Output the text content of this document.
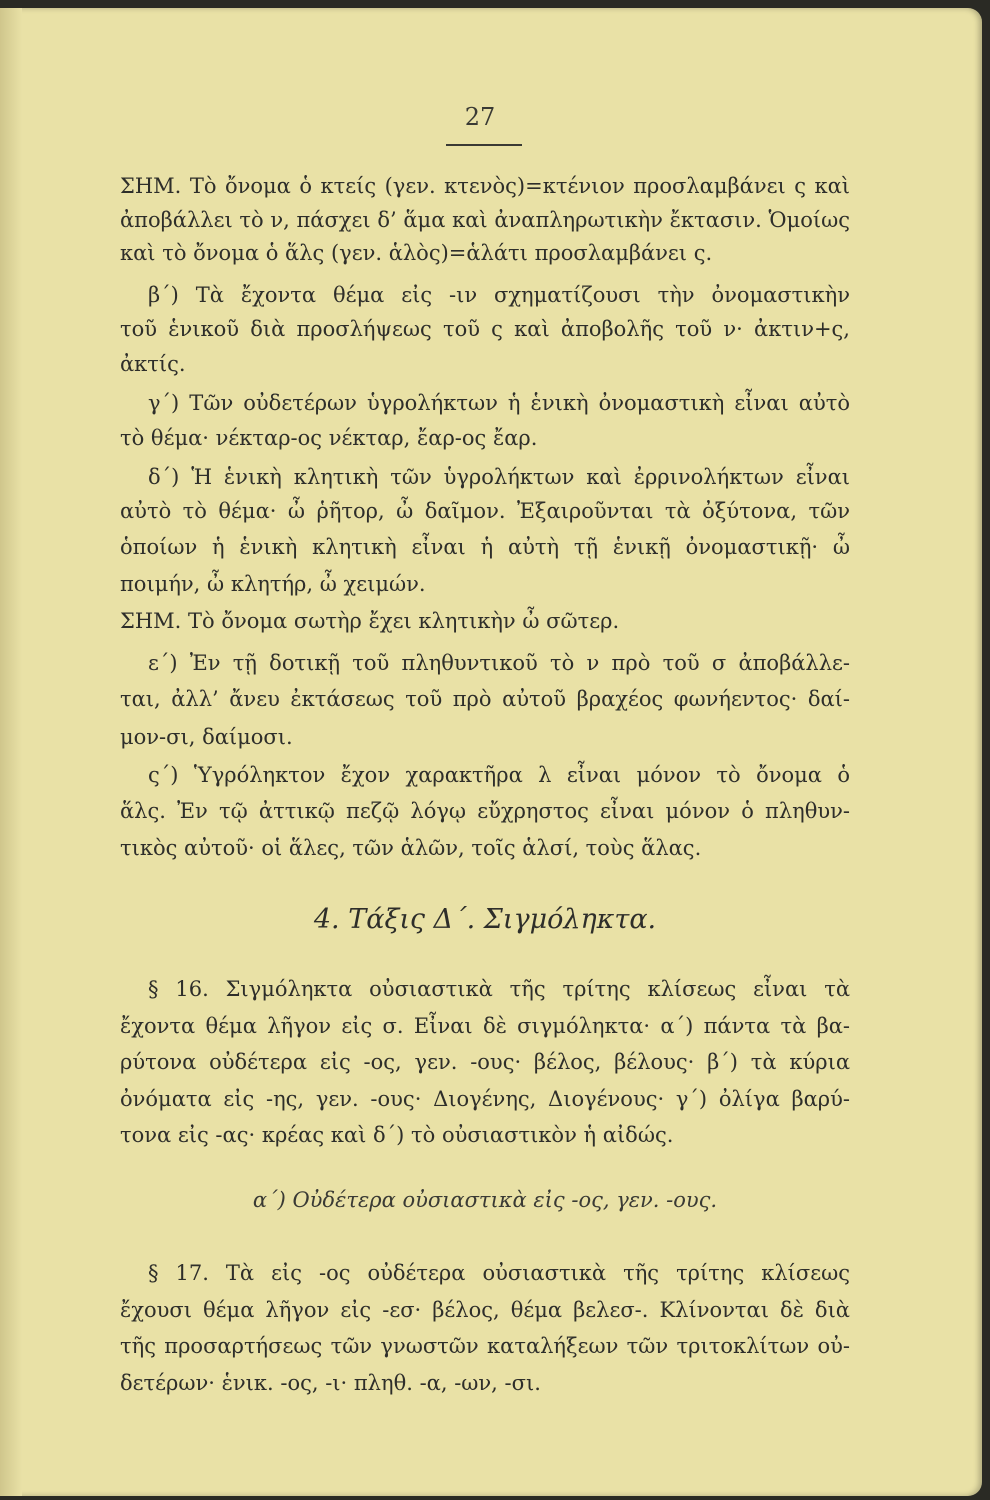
27
ΣΗΜ. Τὸ ὄνομα ὁ κτείς (γεν. κτενὸς)=κτένιον προσλαμβάνει ς καὶ
ἀποβάλλει τὸ ν, πάσχει δ’ ἅμα καὶ ἀναπληρωτικὴν ἔκτασιν. Ὁμοίως
καὶ τὸ ὄνομα ὁ ἅλς (γεν. ἁλὸς)=ἁλάτι προσλαμβάνει ς.
β΄) Τὰ ἔχοντα θέμα εἰς -ιν σχηματίζουσι τὴν ὀνομαστικὴν
τοῦ ἑνικοῦ διὰ προσλήψεως τοῦ ς καὶ ἀποβολῆς τοῦ ν· ἀκτιν+ς,
ἀκτίς.
γ΄) Τῶν οὐδετέρων ὑγρολήκτων ἡ ἑνικὴ ὀνομαστικὴ εἶναι αὐτὸ
τὸ θέμα· νέκταρ-ος νέκταρ, ἔαρ-ος ἔαρ.
δ΄) Ἡ ἑνικὴ κλητικὴ τῶν ὑγρολήκτων καὶ ἐρρινολήκτων εἶναι
αὐτὸ τὸ θέμα· ὦ ῥῆτορ, ὦ δαῖμον. Ἐξαιροῦνται τὰ ὀξύτονα, τῶν
ὁποίων ἡ ἑνικὴ κλητικὴ εἶναι ἡ αὐτὴ τῇ ἑνικῇ ὀνομαστικῇ· ὦ
ποιμήν, ὦ κλητήρ, ὦ χειμών.
ΣΗΜ. Τὸ ὄνομα σωτὴρ ἔχει κλητικὴν ὦ σῶτερ.
ε΄) Ἐν τῇ δοτικῇ τοῦ πληθυντικοῦ τὸ ν πρὸ τοῦ σ ἀποβάλλε-
ται, ἀλλ’ ἄνευ ἐκτάσεως τοῦ πρὸ αὐτοῦ βραχέος φωνήεντος· δαί-
μον-σι, δαίμοσι.
ς΄) Ὑγρόληκτον ἔχον χαρακτῆρα λ εἶναι μόνον τὸ ὄνομα ὁ
ἅλς. Ἐν τῷ ἀττικῷ πεζῷ λόγῳ εὔχρηστος εἶναι μόνον ὁ πληθυν-
τικὸς αὐτοῦ· οἱ ἅλες, τῶν ἁλῶν, τοῖς ἁλσί, τοὺς ἅλας.
4. Τάξις Δ΄. Σιγμόληκτα.
§ 16. Σιγμόληκτα οὐσιαστικὰ τῆς τρίτης κλίσεως εἶναι τὰ
ἔχοντα θέμα λῆγον εἰς σ. Εἶναι δὲ σιγμόληκτα· α΄) πάντα τὰ βα-
ρύτονα οὐδέτερα εἰς -ος, γεν. -ους· βέλος, βέλους· β΄) τὰ κύρια
ὀνόματα εἰς -ης, γεν. -ους· Διογένης, Διογένους· γ΄) ὀλίγα βαρύ-
τονα εἰς -ας· κρέας καὶ δ΄) τὸ οὐσιαστικὸν ἡ αἰδώς.
α΄) Οὐδέτερα οὐσιαστικὰ εἰς -ος, γεν. -ους.
§ 17. Τὰ εἰς -ος οὐδέτερα οὐσιαστικὰ τῆς τρίτης κλίσεως
ἔχουσι θέμα λῆγον εἰς -εσ· βέλος, θέμα βελεσ-. Κλίνονται δὲ διὰ
τῆς προσαρτήσεως τῶν γνωστῶν καταλήξεων τῶν τριτοκλίτων οὐ-
δετέρων· ἑνικ. -ος, -ι· πληθ. -α, -ων, -σι.
